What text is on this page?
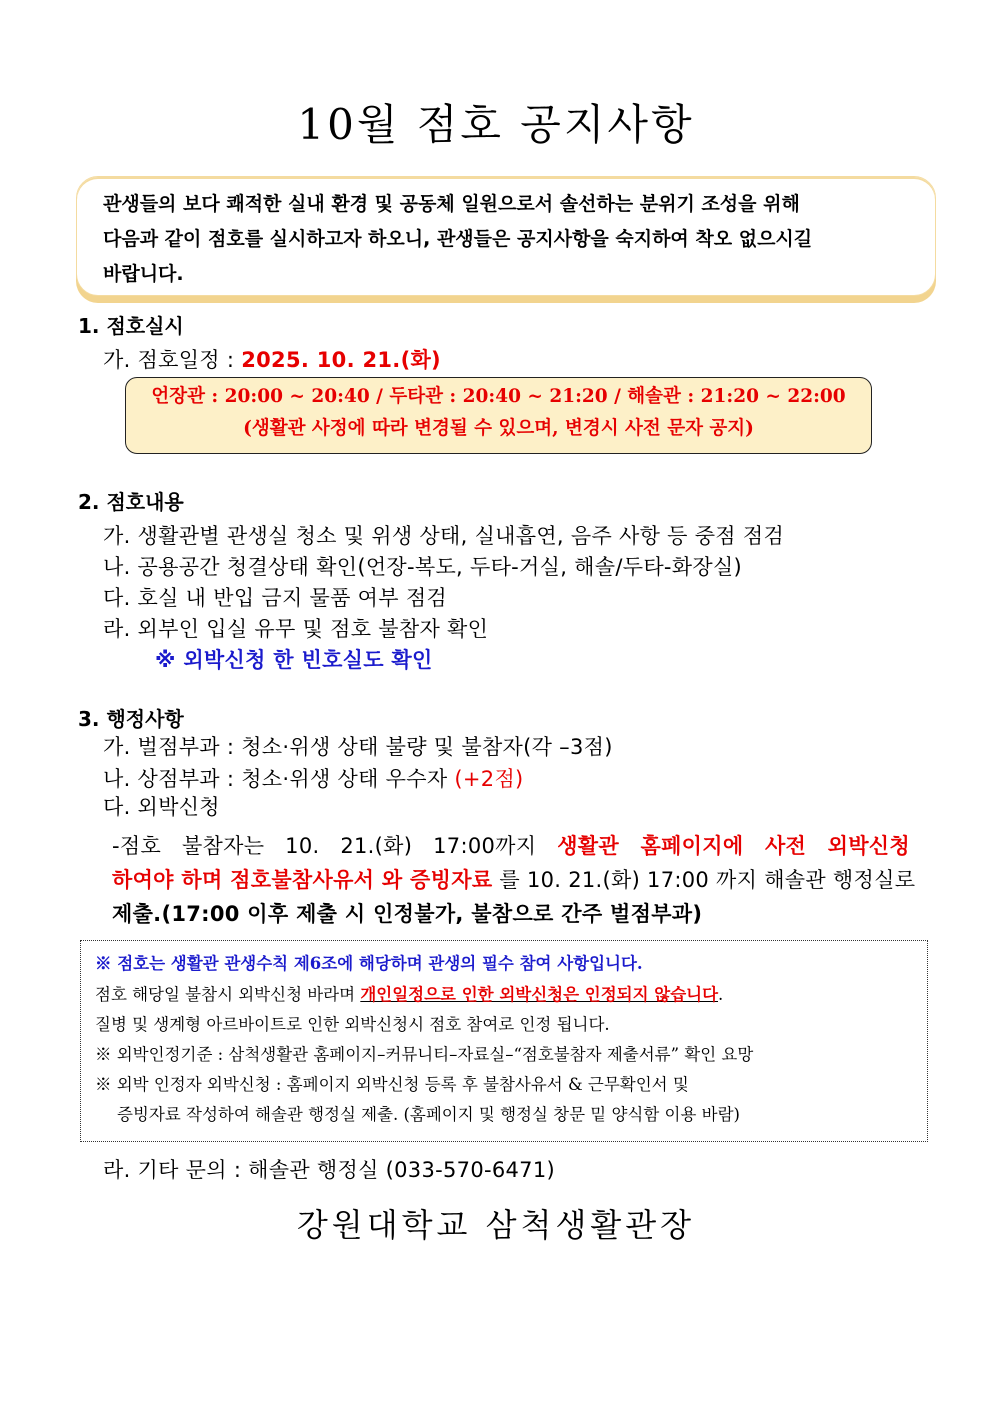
10월 점호 공지사항
관생들의 보다 쾌적한 실내 환경 및 공동체 일원으로서 솔선하는 분위기 조성을 위해
다음과 같이 점호를 실시하고자 하오니, 관생들은 공지사항을 숙지하여 착오 없으시길
바랍니다.
1. 점호실시
가. 점호일정 : 2025. 10. 21.(화)
언장관 : 20:00 ~ 20:40 / 두타관 : 20:40 ~ 21:20 / 해솔관 : 21:20 ~ 22:00
(생활관 사정에 따라 변경될 수 있으며, 변경시 사전 문자 공지)
2. 점호내용
가. 생활관별 관생실 청소 및 위생 상태, 실내흡연, 음주 사항 등 중점 점검
나. 공용공간 청결상태 확인(언장-복도, 두타-거실, 해솔/두타-화장실)
다. 호실 내 반입 금지 물품 여부 점검
라. 외부인 입실 유무 및 점호 불참자 확인
※ 외박신청 한 빈호실도 확인
3. 행정사항
가. 벌점부과 : 청소·위생 상태 불량 및 불참자(각 –3점)
나. 상점부과 : 청소·위생 상태 우수자 (+2점)
다. 외박신청
-점호 불참자는 10. 21.(화) 17:00까지 생활관 홈페이지에 사전 외박신청
하여야 하며 점호불참사유서 와 증빙자료 를 10. 21.(화) 17:00 까지 해솔관 행정실로
제출.(17:00 이후 제출 시 인정불가, 불참으로 간주 벌점부과)
※ 점호는 생활관 관생수칙 제6조에 해당하며 관생의 필수 참여 사항입니다.
점호 해당일 불참시 외박신청 바라며 개인일정으로 인한 외박신청은 인정되지 않습니다.
질병 및 생계형 아르바이트로 인한 외박신청시 점호 참여로 인정 됩니다.
※ 외박인정기준 : 삼척생활관 홈페이지–커뮤니티–자료실–“점호불참자 제출서류” 확인 요망
※ 외박 인정자 외박신청 : 홈페이지 외박신청 등록 후 불참사유서 & 근무확인서 및
증빙자료 작성하여 해솔관 행정실 제출. (홈페이지 및 행정실 창문 밑 양식함 이용 바람)
라. 기타 문의 : 해솔관 행정실 (033-570-6471)
강원대학교 삼척생활관장
